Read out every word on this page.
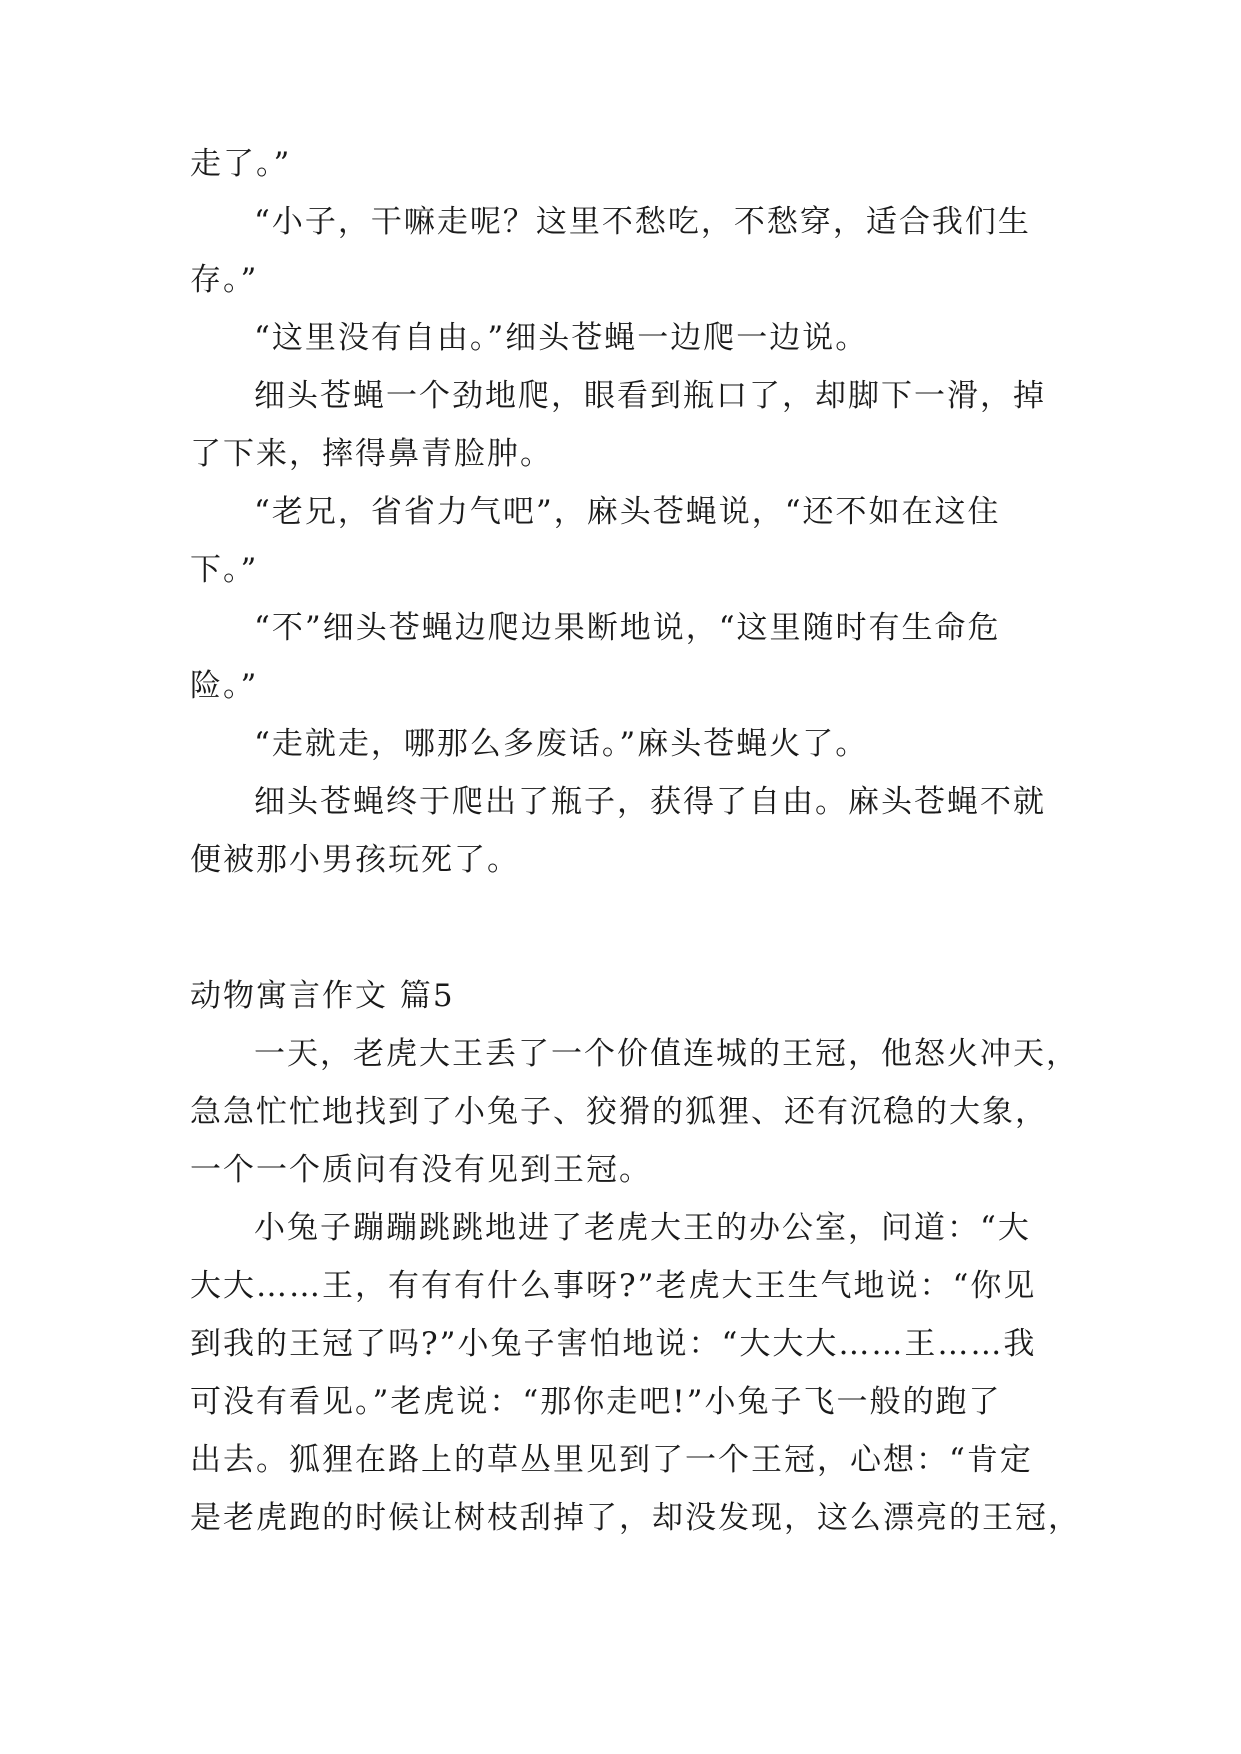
走了。”
“小子，干嘛走呢？这里不愁吃，不愁穿，适合我们生
存。”
“这里没有自由。”细头苍蝇一边爬一边说。
细头苍蝇一个劲地爬，眼看到瓶口了，却脚下一滑，掉
了下来，摔得鼻青脸肿。
“老兄，省省力气吧”，麻头苍蝇说，“还不如在这住
下。”
“不”细头苍蝇边爬边果断地说，“这里随时有生命危
险。”
“走就走，哪那么多废话。”麻头苍蝇火了。
细头苍蝇终于爬出了瓶子，获得了自由。麻头苍蝇不就
便被那小男孩玩死了。
动物寓言作文 篇5
一天，老虎大王丢了一个价值连城的王冠，他怒火冲天，
急急忙忙地找到了小兔子、狡猾的狐狸、还有沉稳的大象，
一个一个质问有没有见到王冠。
小兔子蹦蹦跳跳地进了老虎大王的办公室，问道：“大
大大……王，有有有什么事呀?”老虎大王生气地说：“你见
到我的王冠了吗?”小兔子害怕地说：“大大大……王……我
可没有看见。”老虎说：“那你走吧!”小兔子飞一般的跑了
出去。狐狸在路上的草丛里见到了一个王冠，心想：“肯定
是老虎跑的时候让树枝刮掉了，却没发现，这么漂亮的王冠，
